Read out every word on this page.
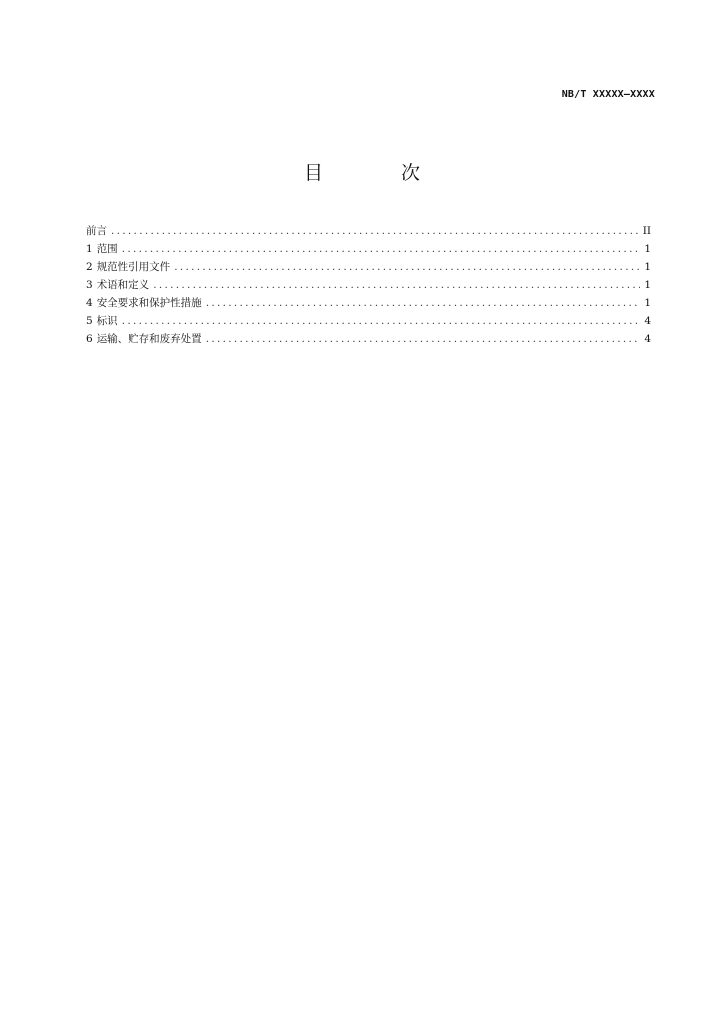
NB/T XXXXX—XXXX
目 次
前言 .....	II
1 范围 .....	1
2 规范性引用文件 .....	1
3 术语和定义 .....	1
4 安全要求和保护性措施 .....	1
5 标识 .....	4
6 运输、贮存和废弃处置 .....	4
